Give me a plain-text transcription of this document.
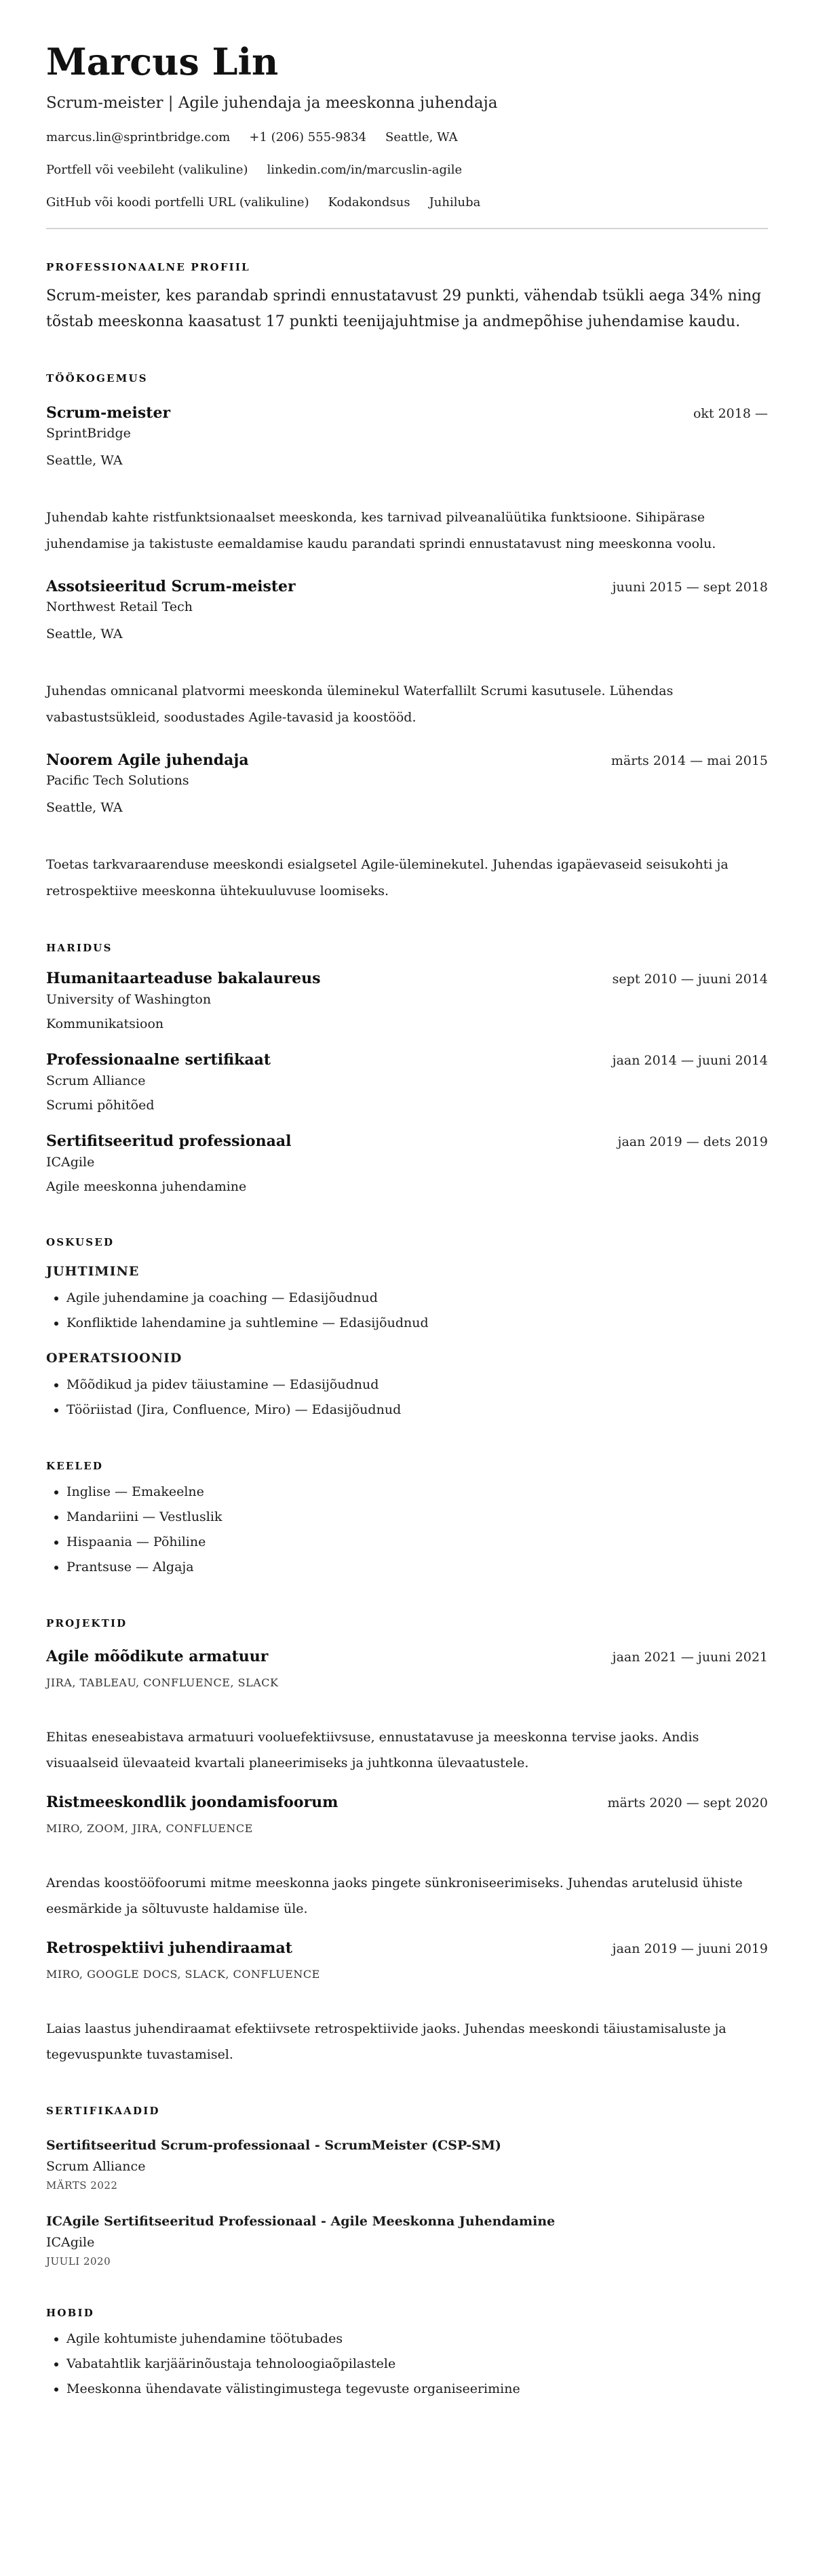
Marcus Lin
Scrum-meister | Agile juhendaja ja meeskonna juhendaja
marcus.lin@sprintbridge.com +1 (206) 555-9834 Seattle, WA
Portfell või veebileht (valikuline) linkedin.com/in/marcuslin-agile
GitHub või koodi portfelli URL (valikuline) Kodakondsus Juhiluba
PROFESSIONAALNE PROFIIL

Scrum-meister, kes parandab sprindi ennustatavust 29 punkti, vähendab tsükli aega 34% ning tõstab meeskonna kaasatust 17 punkti teenijajuhtmise ja andmepõhise juhendamise kaudu.

TÖÖKOGEMUS
Scrum-meister	okt 2018 —
SprintBridge
Seattle, WA
Juhendab kahte ristfunktsionaalset meeskonda, kes tarnivad pilveanalüütika funktsioone. Sihipärase juhendamise ja takistuste eemaldamise kaudu parandati sprindi ennustatavust ning meeskonna voolu.
Assotsieeritud Scrum-meister	juuni 2015 — sept 2018
Northwest Retail Tech
Seattle, WA
Juhendas omnicanal platvormi meeskonda üleminekul Waterfallilt Scrumi kasutusele. Lühendas vabastustsükleid, soodustades Agile-tavasid ja koostööd.
Noorem Agile juhendaja	märts 2014 — mai 2015
Pacific Tech Solutions
Seattle, WA
Toetas tarkvaraarenduse meeskondi esialgsetel Agile-üleminekutel. Juhendas igapäevaseid seisukohti ja retrospektiive meeskonna ühtekuuluvuse loomiseks.
HARIDUS
Humanitaarteaduse bakalaureus	sept 2010 — juuni 2014
University of Washington
Kommunikatsioon
Professionaalne sertifikaat	jaan 2014 — juuni 2014
Scrum Alliance
Scrumi põhitõed
Sertifitseeritud professionaal	jaan 2019 — dets 2019
ICAgile
Agile meeskonna juhendamine
OSKUSED
JUHTIMINE
• Agile juhendamine ja coaching — Edasijõudnud
• Konfliktide lahendamine ja suhtlemine — Edasijõudnud
OPERATSIOONID
• Mõõdikud ja pidev täiustamine — Edasijõudnud
• Tööriistad (Jira, Confluence, Miro) — Edasijõudnud
KEELED
• Inglise — Emakeelne
• Mandariini — Vestluslik
• Hispaania — Põhiline
• Prantsuse — Algaja
PROJEKTID
Agile mõõdikute armatuur	jaan 2021 — juuni 2021
JIRA, TABLEAU, CONFLUENCE, SLACK
Ehitas eneseabistava armatuuri vooluefektiivsuse, ennustatavuse ja meeskonna tervise jaoks. Andis visuaalseid ülevaateid kvartali planeerimiseks ja juhtkonna ülevaatustele.
Ristmeeskondlik joondamisfoorum	märts 2020 — sept 2020
MIRO, ZOOM, JIRA, CONFLUENCE
Arendas koostööfoorumi mitme meeskonna jaoks pingete sünkroniseerimiseks. Juhendas arutelusid ühiste eesmärkide ja sõltuvuste haldamise üle.
Retrospektiivi juhendiraamat	jaan 2019 — juuni 2019
MIRO, GOOGLE DOCS, SLACK, CONFLUENCE
Laias laastus juhendiraamat efektiivsete retrospektiivide jaoks. Juhendas meeskondi täiustamisaluste ja tegevuspunkte tuvastamisel.
SERTIFIKAADID
Sertifitseeritud Scrum-professionaal - ScrumMeister (CSP-SM)
Scrum Alliance
MÄRTS 2022
ICAgile Sertifitseeritud Professionaal - Agile Meeskonna Juhendamine
ICAgile
JUULI 2020
HOBID
• Agile kohtumiste juhendamine töötubades
• Vabatahtlik karjäärinõustaja tehnoloogiaõpilastele
• Meeskonna ühendavate välistingimustega tegevuste organiseerimine
